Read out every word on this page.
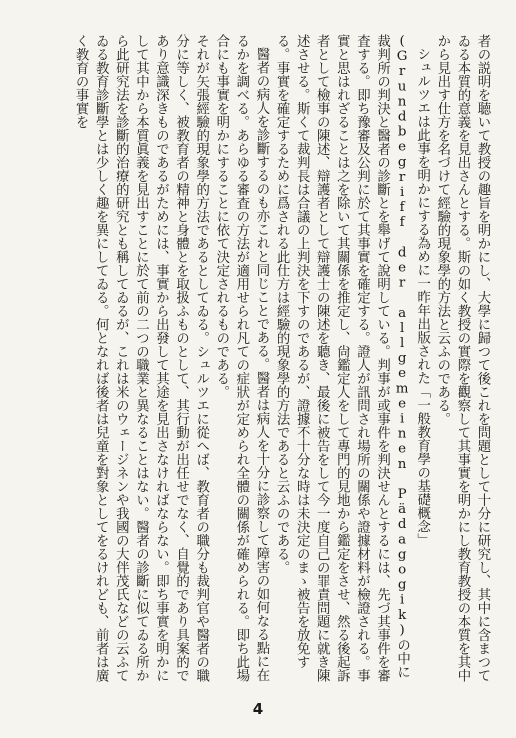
者の説明を聴いて教授の趣旨を明かにし、大學に歸つて後これを問題として十分に研究し、其中に含まつてゐる本質的意義を見出さんとする。斯の如く教授の實際を觀察して其事實を明かにし教育教授の本質を其中から見出す仕方を名づけて經驗的現象學的方法と云ふのである。

シュルツエは此事を明かにする為めに一昨年出版された「一般教育學の基礎概念」(Grundbegriff der allgemeinen Pädagogik)の中に裁判所の判決と醫者の診斷とを舉げて說明している。判事が或事件を判決せんとするには、先づ其事件を審査する。即ち豫審及公判に於て其事實を確定する。證人が訊問され場所の關係や證據材料が檢證される。事實と思はれざることは之を除いて其關係を推定し、尙鑑定人をして專門的見地から鑑定をさせ、然る後起訴者として檢事の陳述、辯護者として辯護士の陳述を聽き、最後に被告をして今一度自己の罪責問題に就き陳述させる。斯くて裁判長は合議の上判決を下すのであるが、證據不十分な時は未決定のまゝ被告を放免する。事實を確定するために爲される此仕方は經驗的現象學的方法であると云ふのである。

醫者の病人を診斷するのも亦これと同じことである。醫者は病人を十分に診察して障害の如何なる點に在るかを調べる。あらゆる審査の方法が適用せられ凡ての症狀が定められ全體の關係が確められる。即ち此場合にも事實を明かにすることに依て決定されるものである。

それが矢張經驗的現象學的方法であるとしてゐる。シュルツエに從へば、教育者の職分も裁判官や醫者の職分に等しく、被教育者の精神と身體とを取扱ふものとして、其行動が出任せでなく、自覺的であり具案的であり意識深きものであるがためには、事實から出發して其途を見出さなければならない。即ち事實を明かにして其中から本質眞義を見出すことに於て前の二つの職業と異なることはない。醫者の診斷に似てゐる所から此研究法を診斷的治療的研究とも稱してゐるが、これは米のウェージネンや我國の大伴茂氏などの云ふてゐる教育診斷學とは少しく趣を異にしてゐる。何となれば後者は兒童を對象としてをるけれども、前者は廣く教育の事實を

4
